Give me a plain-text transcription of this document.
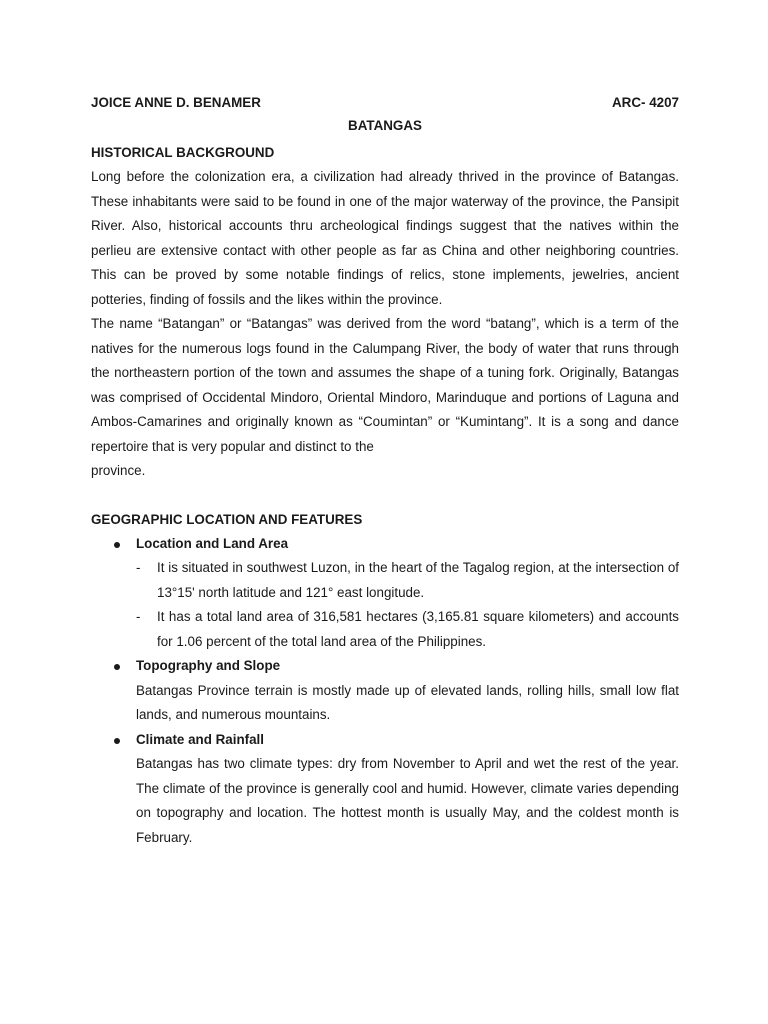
JOICE ANNE D. BENAMER	ARC- 4207
BATANGAS
HISTORICAL BACKGROUND

Long before the colonization era, a civilization had already thrived in the province of Batangas. These inhabitants were said to be found in one of the major waterway of the province, the Pansipit River. Also, historical accounts thru archeological findings suggest that the natives within the perlieu are extensive contact with other people as far as China and other neighboring countries. This can be proved by some notable findings of relics, stone implements, jewelries, ancient potteries, finding of fossils and the likes within the province.

The name “Batangan” or “Batangas” was derived from the word “batang”, which is a term of the natives for the numerous logs found in the Calumpang River, the body of water that runs through the northeastern portion of the town and assumes the shape of a tuning fork. Originally, Batangas was comprised of Occidental Mindoro, Oriental Mindoro, Marinduque and portions of Laguna and Ambos-Camarines and originally known as “Coumintan” or “Kumintang”. It is a song and dance repertoire that is very popular and distinct to the

province.

GEOGRAPHIC LOCATION AND FEATURES
Location and Land Area
- It is situated in southwest Luzon, in the heart of the Tagalog region, at the intersection of 13°15' north latitude and 121° east longitude.
- It has a total land area of 316,581 hectares (3,165.81 square kilometers) and accounts for 1.06 percent of the total land area of the Philippines.
Topography and Slope
Batangas Province terrain is mostly made up of elevated lands, rolling hills, small low flat lands, and numerous mountains.
Climate and Rainfall
Batangas has two climate types: dry from November to April and wet the rest of the year. The climate of the province is generally cool and humid. However, climate varies depending on topography and location. The hottest month is usually May, and the coldest month is February.
